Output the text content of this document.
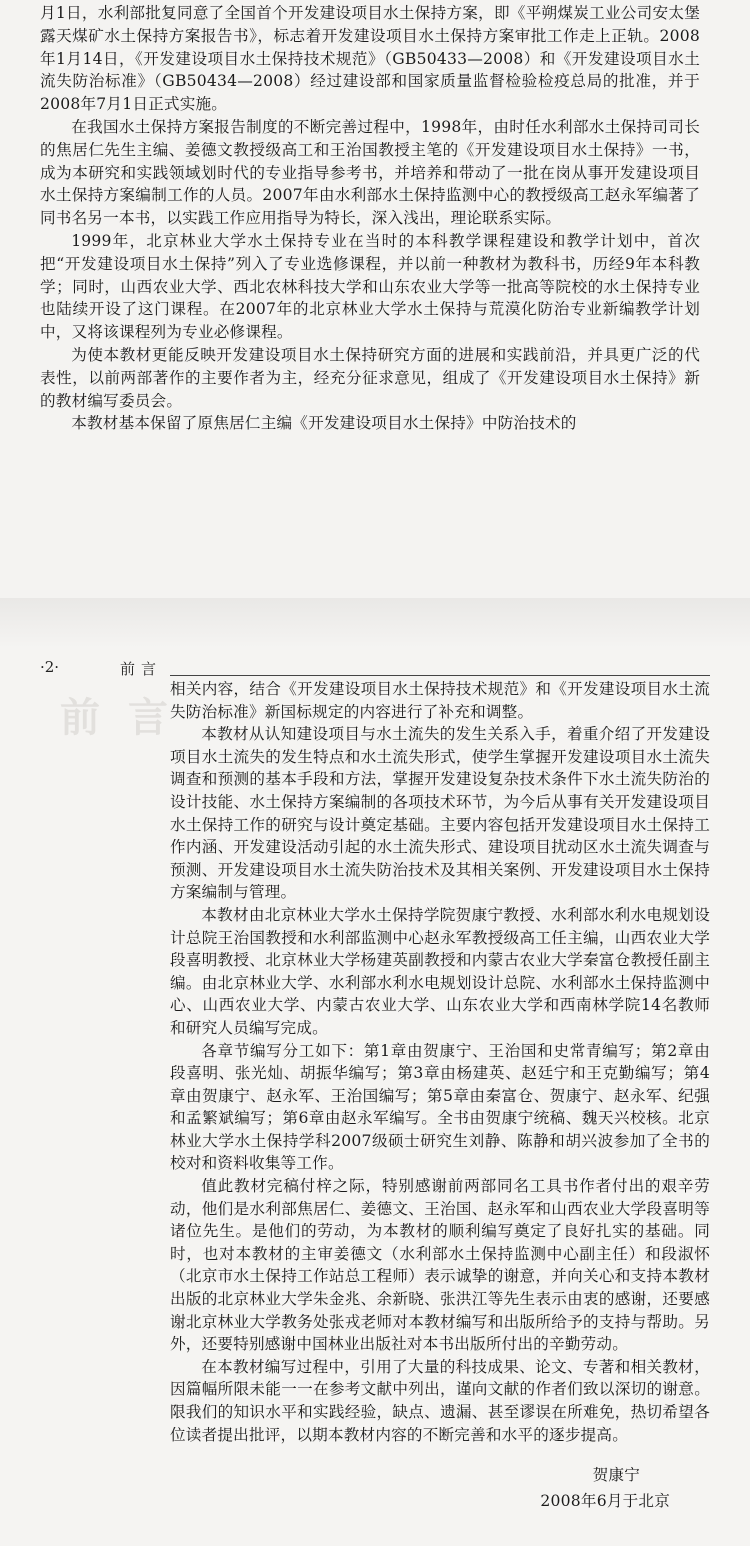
月1日，水利部批复同意了全国首个开发建设项目水土保持方案，即《平朔煤炭工业公司安太堡露天煤矿水土保持方案报告书》，标志着开发建设项目水土保持方案审批工作走上正轨。2008年1月14日，《开发建设项目水土保持技术规范》（GB50433—2008）和《开发建设项目水土流失防治标准》（GB50434—2008）经过建设部和国家质量监督检验检疫总局的批准，并于2008年7月1日正式实施。

在我国水土保持方案报告制度的不断完善过程中，1998年，由时任水利部水土保持司司长的焦居仁先生主编、姜德文教授级高工和王治国教授主笔的《开发建设项目水土保持》一书，成为本研究和实践领域划时代的专业指导参考书，并培养和带动了一批在岗从事开发建设项目水土保持方案编制工作的人员。2007年由水利部水土保持监测中心的教授级高工赵永军编著了同书名另一本书，以实践工作应用指导为特长，深入浅出，理论联系实际。

1999年，北京林业大学水土保持专业在当时的本科教学课程建设和教学计划中，首次把“开发建设项目水土保持”列入了专业选修课程，并以前一种教材为教科书，历经9年本科教学；同时，山西农业大学、西北农林科技大学和山东农业大学等一批高等院校的水土保持专业也陆续开设了这门课程。在2007年的北京林业大学水土保持与荒漠化防治专业新编教学计划中，又将该课程列为专业必修课程。

为使本教材更能反映开发建设项目水土保持研究方面的进展和实践前沿，并具更广泛的代表性，以前两部著作的主要作者为主，经充分征求意见，组成了《开发建设项目水土保持》新的教材编写委员会。

本教材基本保留了原焦居仁主编《开发建设项目水土保持》中防治技术的

·2·	前言
前言

相关内容，结合《开发建设项目水土保持技术规范》和《开发建设项目水土流失防治标准》新国标规定的内容进行了补充和调整。

本教材从认知建设项目与水土流失的发生关系入手，着重介绍了开发建设项目水土流失的发生特点和水土流失形式，使学生掌握开发建设项目水土流失调查和预测的基本手段和方法，掌握开发建设复杂技术条件下水土流失防治的设计技能、水土保持方案编制的各项技术环节，为今后从事有关开发建设项目水土保持工作的研究与设计奠定基础。主要内容包括开发建设项目水土保持工作内涵、开发建设活动引起的水土流失形式、建设项目扰动区水土流失调查与预测、开发建设项目水土流失防治技术及其相关案例、开发建设项目水土保持方案编制与管理。

本教材由北京林业大学水土保持学院贺康宁教授、水利部水利水电规划设计总院王治国教授和水利部监测中心赵永军教授级高工任主编，山西农业大学段喜明教授、北京林业大学杨建英副教授和内蒙古农业大学秦富仓教授任副主编。由北京林业大学、水利部水利水电规划设计总院、水利部水土保持监测中心、山西农业大学、内蒙古农业大学、山东农业大学和西南林学院14名教师和研究人员编写完成。

各章节编写分工如下：第1章由贺康宁、王治国和史常青编写；第2章由段喜明、张光灿、胡振华编写；第3章由杨建英、赵廷宁和王克勤编写；第4章由贺康宁、赵永军、王治国编写；第5章由秦富仓、贺康宁、赵永军、纪强和孟繁斌编写；第6章由赵永军编写。全书由贺康宁统稿、魏天兴校核。北京林业大学水土保持学科2007级硕士研究生刘静、陈静和胡兴波参加了全书的校对和资料收集等工作。

值此教材完稿付梓之际，特别感谢前两部同名工具书作者付出的艰辛劳动，他们是水利部焦居仁、姜德文、王治国、赵永军和山西农业大学段喜明等诸位先生。是他们的劳动，为本教材的顺利编写奠定了良好扎实的基础。同时，也对本教材的主审姜德文（水利部水土保持监测中心副主任）和段淑怀（北京市水土保持工作站总工程师）表示诚挚的谢意，并向关心和支持本教材出版的北京林业大学朱金兆、余新晓、张洪江等先生表示由衷的感谢，还要感谢北京林业大学教务处张戎老师对本教材编写和出版所给予的支持与帮助。另外，还要特别感谢中国林业出版社对本书出版所付出的辛勤劳动。

在本教材编写过程中，引用了大量的科技成果、论文、专著和相关教材，因篇幅所限未能一一在参考文献中列出，谨向文献的作者们致以深切的谢意。限我们的知识水平和实践经验，缺点、遗漏、甚至谬误在所难免，热切希望各位读者提出批评，以期本教材内容的不断完善和水平的逐步提高。

贺康宁
2008年6月于北京
